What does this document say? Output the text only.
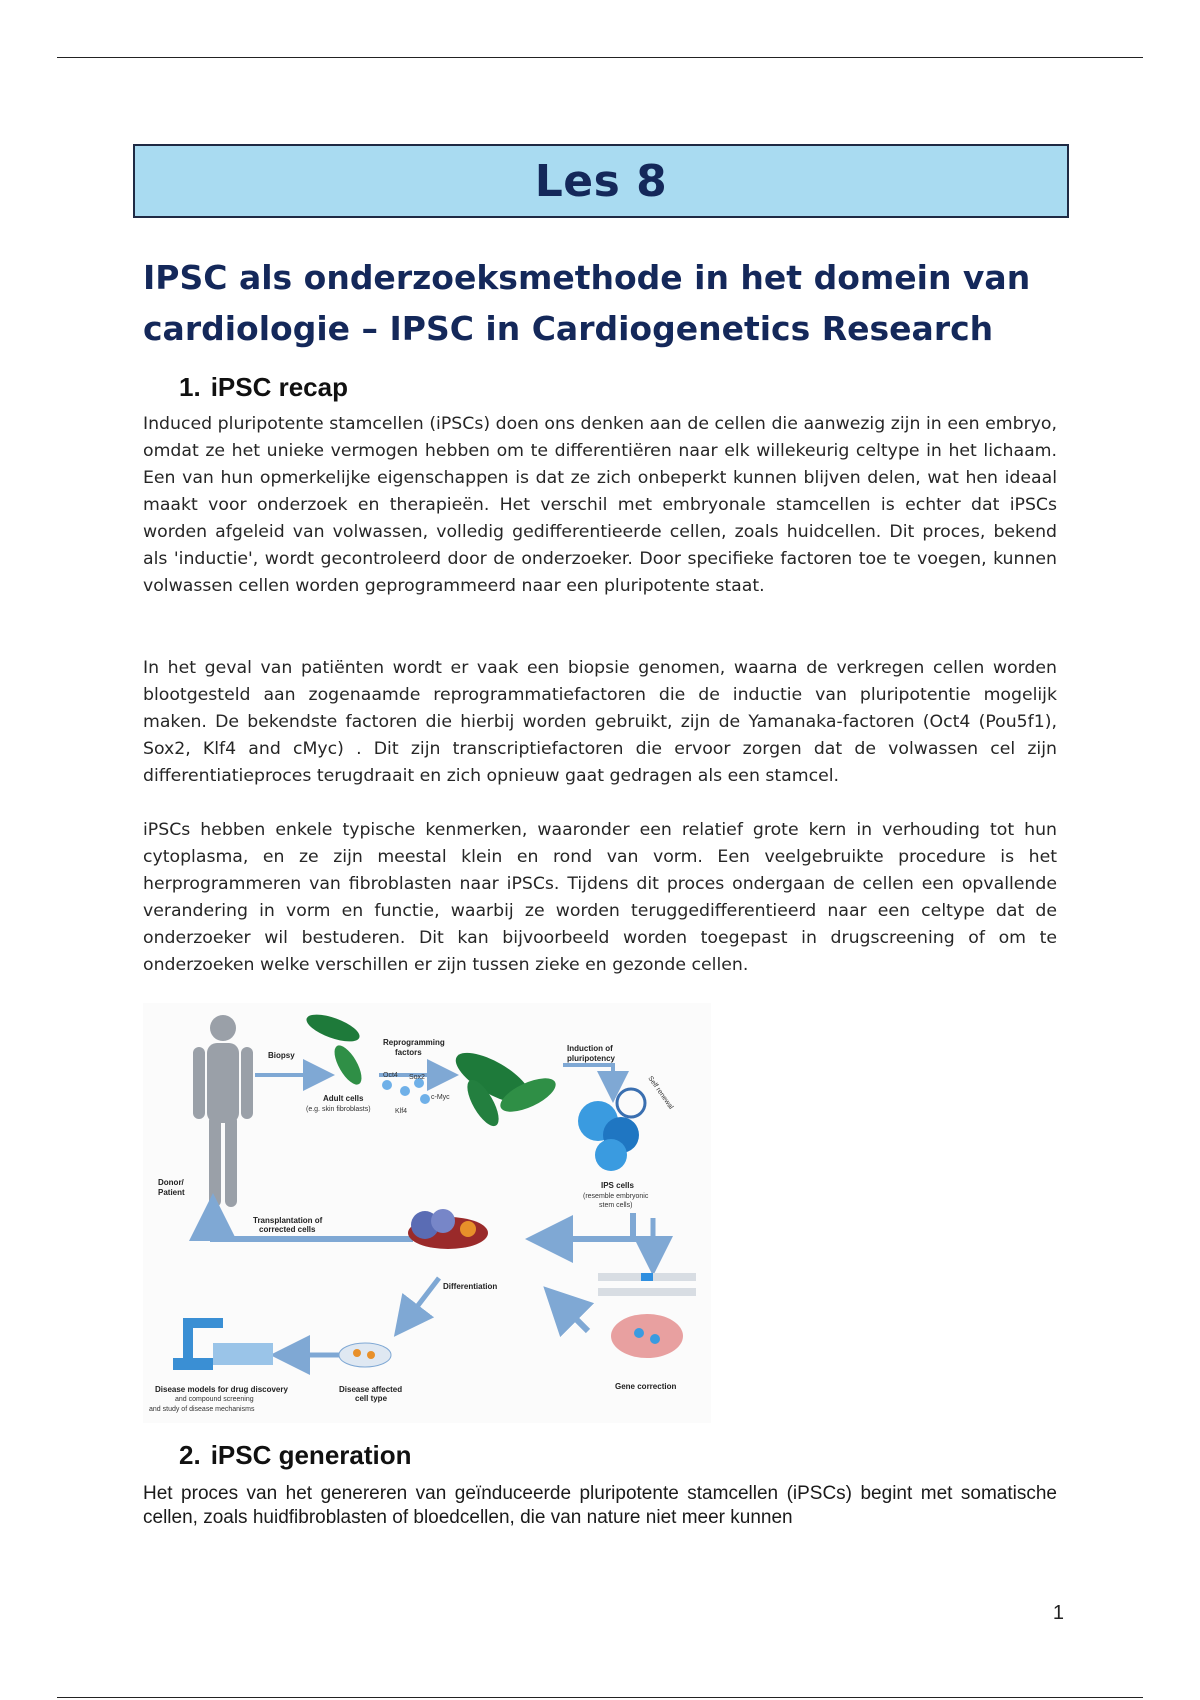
Les 8
IPSC als onderzoeksmethode in het domein van
cardiologie – IPSC in Cardiogenetics Research
1. iPSC recap

Induced pluripotente stamcellen (iPSCs) doen ons denken aan de cellen die aanwezig zijn in een embryo, omdat ze het unieke vermogen hebben om te differentiëren naar elk willekeurig celtype in het lichaam. Een van hun opmerkelijke eigenschappen is dat ze zich onbeperkt kunnen blijven delen, wat hen ideaal maakt voor onderzoek en therapieën. Het verschil met embryonale stamcellen is echter dat iPSCs worden afgeleid van volwassen, volledig gedifferentieerde cellen, zoals huidcellen. Dit proces, bekend als 'inductie', wordt gecontroleerd door de onderzoeker. Door specifieke factoren toe te voegen, kunnen volwassen cellen worden geprogrammeerd naar een pluripotente staat.

In het geval van patiënten wordt er vaak een biopsie genomen, waarna de verkregen cellen worden blootgesteld aan zogenaamde reprogrammatiefactoren die de inductie van pluripotentie mogelijk maken. De bekendste factoren die hierbij worden gebruikt, zijn de Yamanaka-factoren (Oct4 (Pou5f1), Sox2, Klf4 and cMyc) . Dit zijn transcriptiefactoren die ervoor zorgen dat de volwassen cel zijn differentiatieproces terugdraait en zich opnieuw gaat gedragen als een stamcel.

iPSCs hebben enkele typische kenmerken, waaronder een relatief grote kern in verhouding tot hun cytoplasma, en ze zijn meestal klein en rond van vorm. Een veelgebruikte procedure is het herprogrammeren van fibroblasten naar iPSCs. Tijdens dit proces ondergaan de cellen een opvallende verandering in vorm en functie, waarbij ze worden teruggedifferentieerd naar een celtype dat de onderzoeker wil bestuderen. Dit kan bijvoorbeeld worden toegepast in drugscreening of om te onderzoeken welke verschillen er zijn tussen zieke en gezonde cellen.

Biopsy
Reprogramming
factors
Adult cells
(e.g. skin fibroblasts)
Oct4 Sox2
Klf4
c-Myc
Induction of
pluripotency
Self renewal
IPS cells
(resemble embryonic
stem cells)
Donor/
Patient
Transplantation of
corrected cells
Differentiation
Gene correction
Disease models for drug discovery
and compound screening
and study of disease mechanisms
Disease affected
cell type
2. iPSC generation

Het proces van het genereren van geïnduceerde pluripotente stamcellen (iPSCs) begint met somatische cellen, zoals huidfibroblasten of bloedcellen, die van nature niet meer kunnen

1
